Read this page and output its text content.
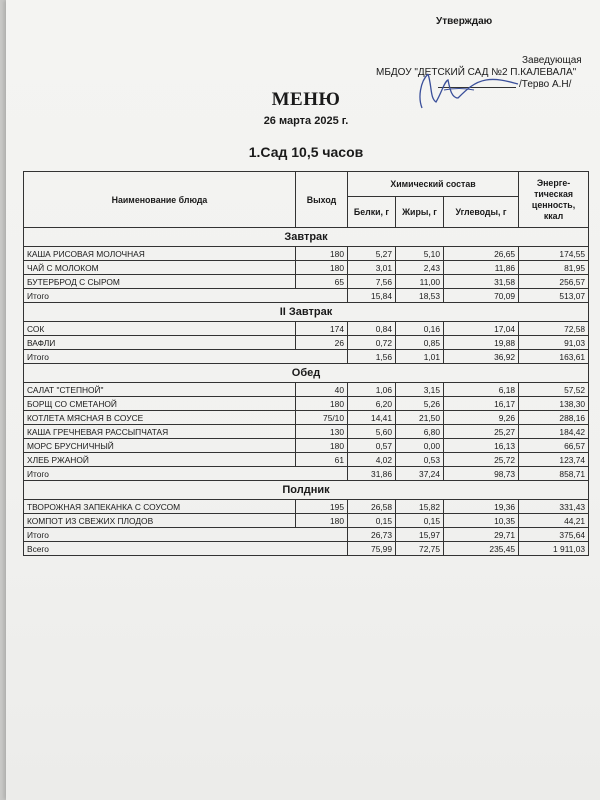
Утверждаю
Заведующая
МБДОУ "ДЕТСКИЙ САД №2 П.КАЛЕВАЛА"
/Терво А.Н/
МЕНЮ
26 марта 2025 г.
1.Сад 10,5 часов
Наименование блюда	Выход	Химический состав			Энерге-тическая ценность, ккал
		Белки, г	Жиры, г	Углеводы, г	
Завтрак					
КАША РИСОВАЯ МОЛОЧНАЯ	180	5,27	5,10	26,65	174,55
ЧАЙ С МОЛОКОМ	180	3,01	2,43	11,86	81,95
БУТЕРБРОД С СЫРОМ	65	7,56	11,00	31,58	256,57
Итого		15,84	18,53	70,09	513,07
II Завтрак					
СОК	174	0,84	0,16	17,04	72,58
ВАФЛИ	26	0,72	0,85	19,88	91,03
Итого		1,56	1,01	36,92	163,61
Обед					
САЛАТ "СТЕПНОЙ"	40	1,06	3,15	6,18	57,52
БОРЩ СО СМЕТАНОЙ	180	6,20	5,26	16,17	138,30
КОТЛЕТА МЯСНАЯ В СОУСЕ	75/10	14,41	21,50	9,26	288,16
КАША ГРЕЧНЕВАЯ РАССЫПЧАТАЯ	130	5,60	6,80	25,27	184,42
МОРС БРУСНИЧНЫЙ	180	0,57	0,00	16,13	66,57
ХЛЕБ РЖАНОЙ	61	4,02	0,53	25,72	123,74
Итого		31,86	37,24	98,73	858,71
Полдник					
ТВОРОЖНАЯ ЗАПЕКАНКА С СОУСОМ	195	26,58	15,82	19,36	331,43
КОМПОТ ИЗ СВЕЖИХ ПЛОДОВ	180	0,15	0,15	10,35	44,21
Итого		26,73	15,97	29,71	375,64
Всего		75,99	72,75	235,45	1 911,03
